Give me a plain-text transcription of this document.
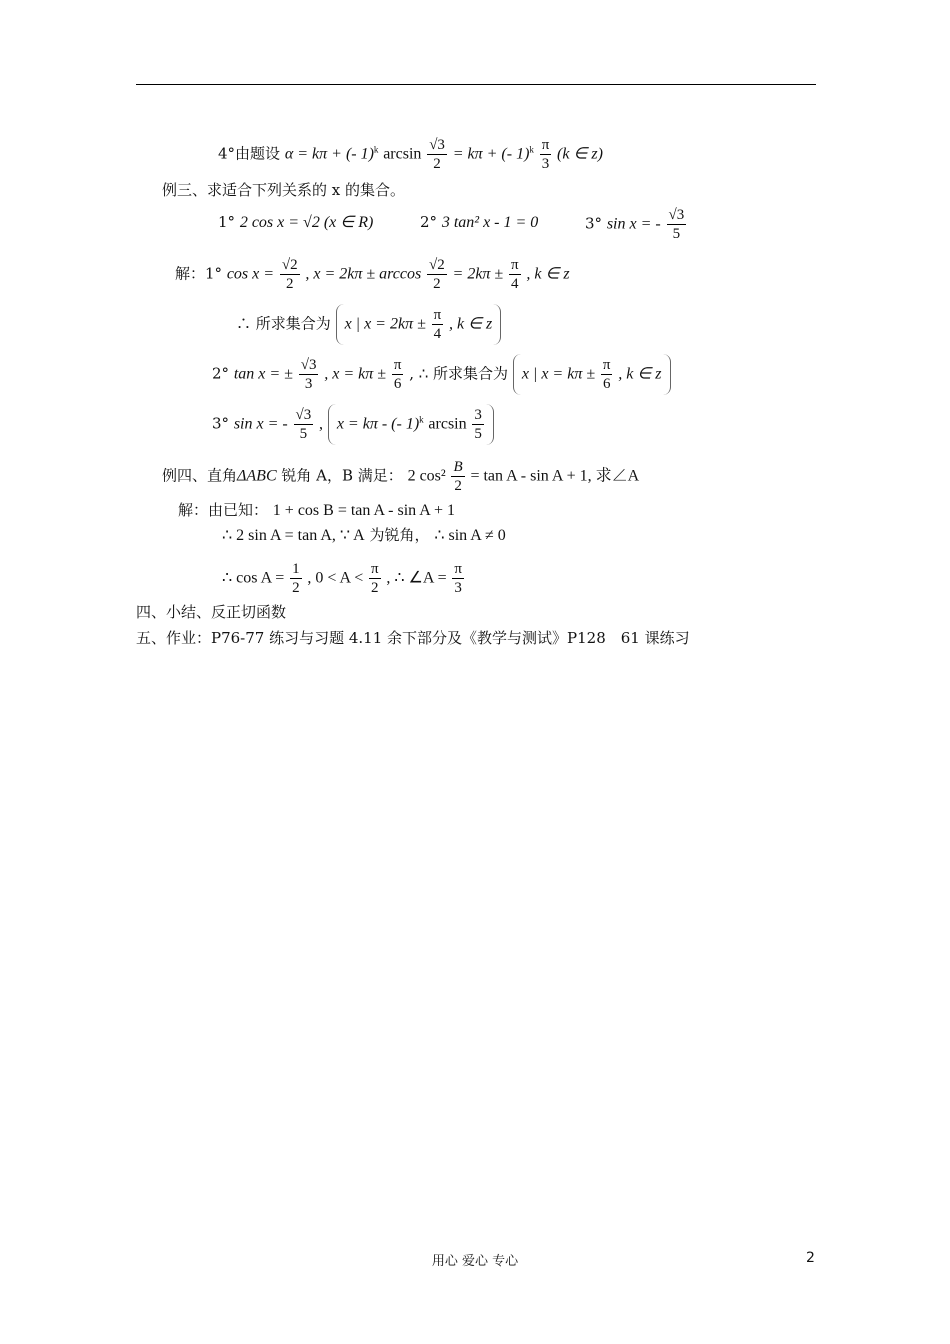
4°由题设 α = kπ + (- 1)$^k$ $\arcsin \frac{√3}{2} = k\pi$ + (- $1)^k \frac{\pi}{3} (k$ ∈ z)
例三、求适合下列关系的 x 的集合。
1° 2 cos x = √2 (x ∈ R)	2° 3 tan² x - 1 = 0	3° sin x = - $\frac{√3}{5}$
解：1° $\cos x = \frac{√2}{2}$ , $x = 2k\pi \pm \arccos \frac{√2}{2} = 2k\pi \pm \frac{\pi}{4}$ , k ∈ z
∴ 所求集合为 x | $x = 2k\pi \pm \frac{\pi}{4}$ , k ∈ z
2° tan x = ± $\frac{√3}{3}$ , $x = k\pi \pm \frac{\pi}{6}$ , ∴ 所求集合为 x | $x = k\pi \pm \frac{\pi}{6}$ , k ∈ z
3° sin x = - $\frac{√3}{5}$ , x = kπ - (- 1)$^k$ $\arcsin \frac{3}{5}$
例四、直角ΔABC 锐角 A，B 满足： 2 $\cos^2 \frac{B}{2} = \tan A - \sin A + 1$, 求∠A
解：由已知： 1 + cos B = tan A - sin A + 1
∴ 2 sin A = tan A, ∵ A 为锐角， ∴ sin A ≠ 0
∴ $\cos A = \frac{1}{2}$ , $0 < A < \frac{\pi}{2}$ , ∴ ∠A = $\frac{\pi}{3}$
四、小结、反正切函数
五、作业：P76-77 练习与习题 4.11 余下部分及《教学与测试》P128　61 课练习
用心 爱心 专心	2
